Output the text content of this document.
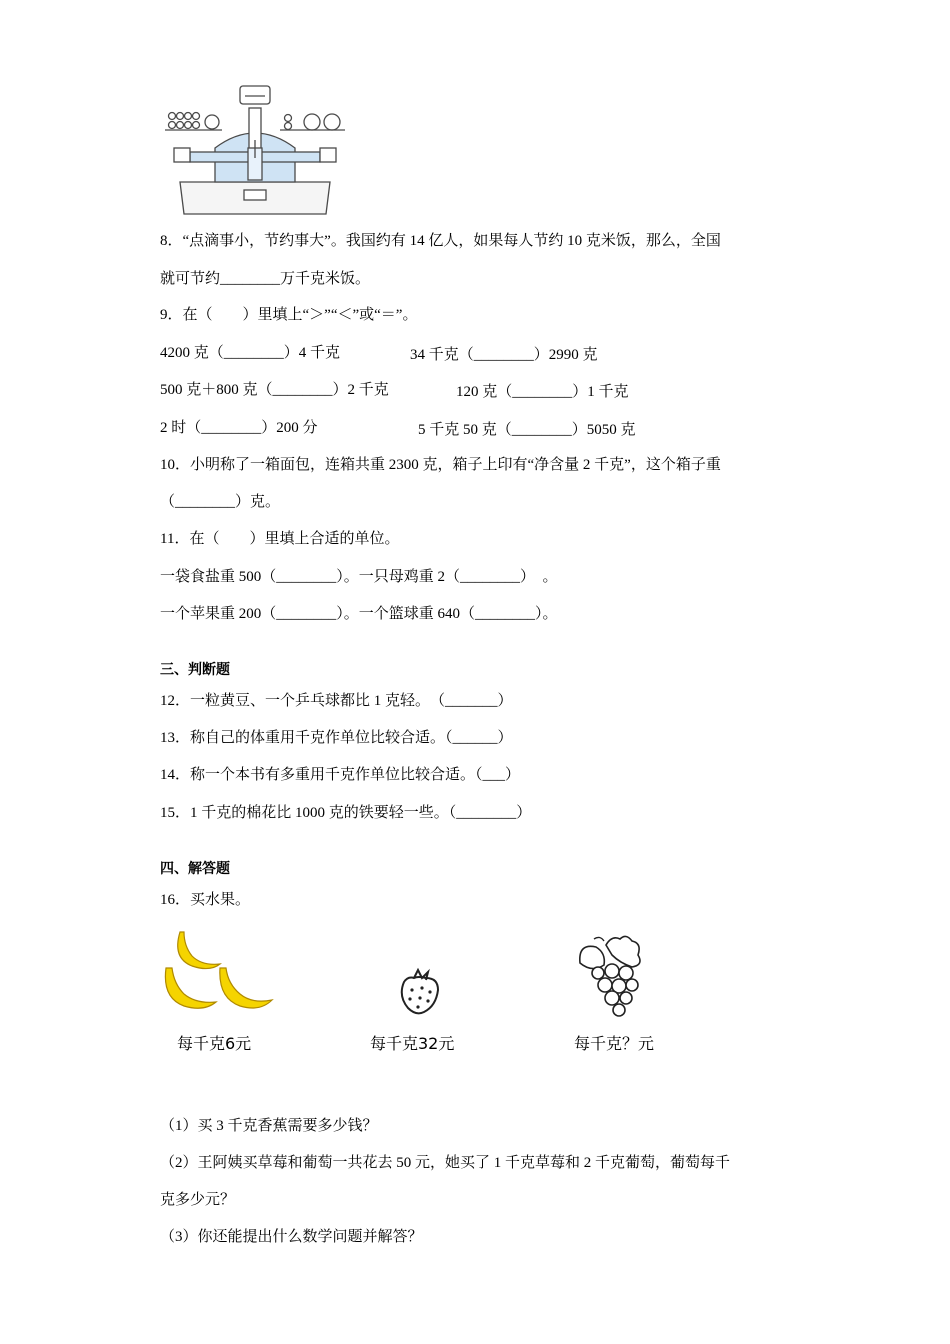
8．“点滴事小，节约事大”。我国约有 14 亿人，如果每人节约 10 克米饭，那么，全国
就可节约________万千克米饭。
9．在（　　）里填上“＞”“＜”或“＝”。
4200 克（________）4 千克	34 千克（________）2990 克
500 克＋800 克（________）2 千克	120 克（________）1 千克
2 时（________）200 分	5 千克 50 克（________）5050 克
10．小明称了一箱面包，连箱共重 2300 克，箱子上印有“净含量 2 千克”，这个箱子重
（________）克。
11．在（　　）里填上合适的单位。
一袋食盐重 500（________）。一只母鸡重 2（________）　。
一个苹果重 200（________）。一个篮球重 640（________）。
三、判断题
12．一粒黄豆、一个乒乓球都比 1 克轻。　（_______）
13．称自己的体重用千克作单位比较合适。（______）
14．称一个本书有多重用千克作单位比较合适。（___）
15．1 千克的棉花比 1000 克的铁要轻一些。（________）
四、解答题
16．买水果。
每千克6元	每千克32元	每千克？元
（1）买 3 千克香蕉需要多少钱？
（2）王阿姨买草莓和葡萄一共花去 50 元，她买了 1 千克草莓和 2 千克葡萄，葡萄每千
克多少元？
（3）你还能提出什么数学问题并解答？
